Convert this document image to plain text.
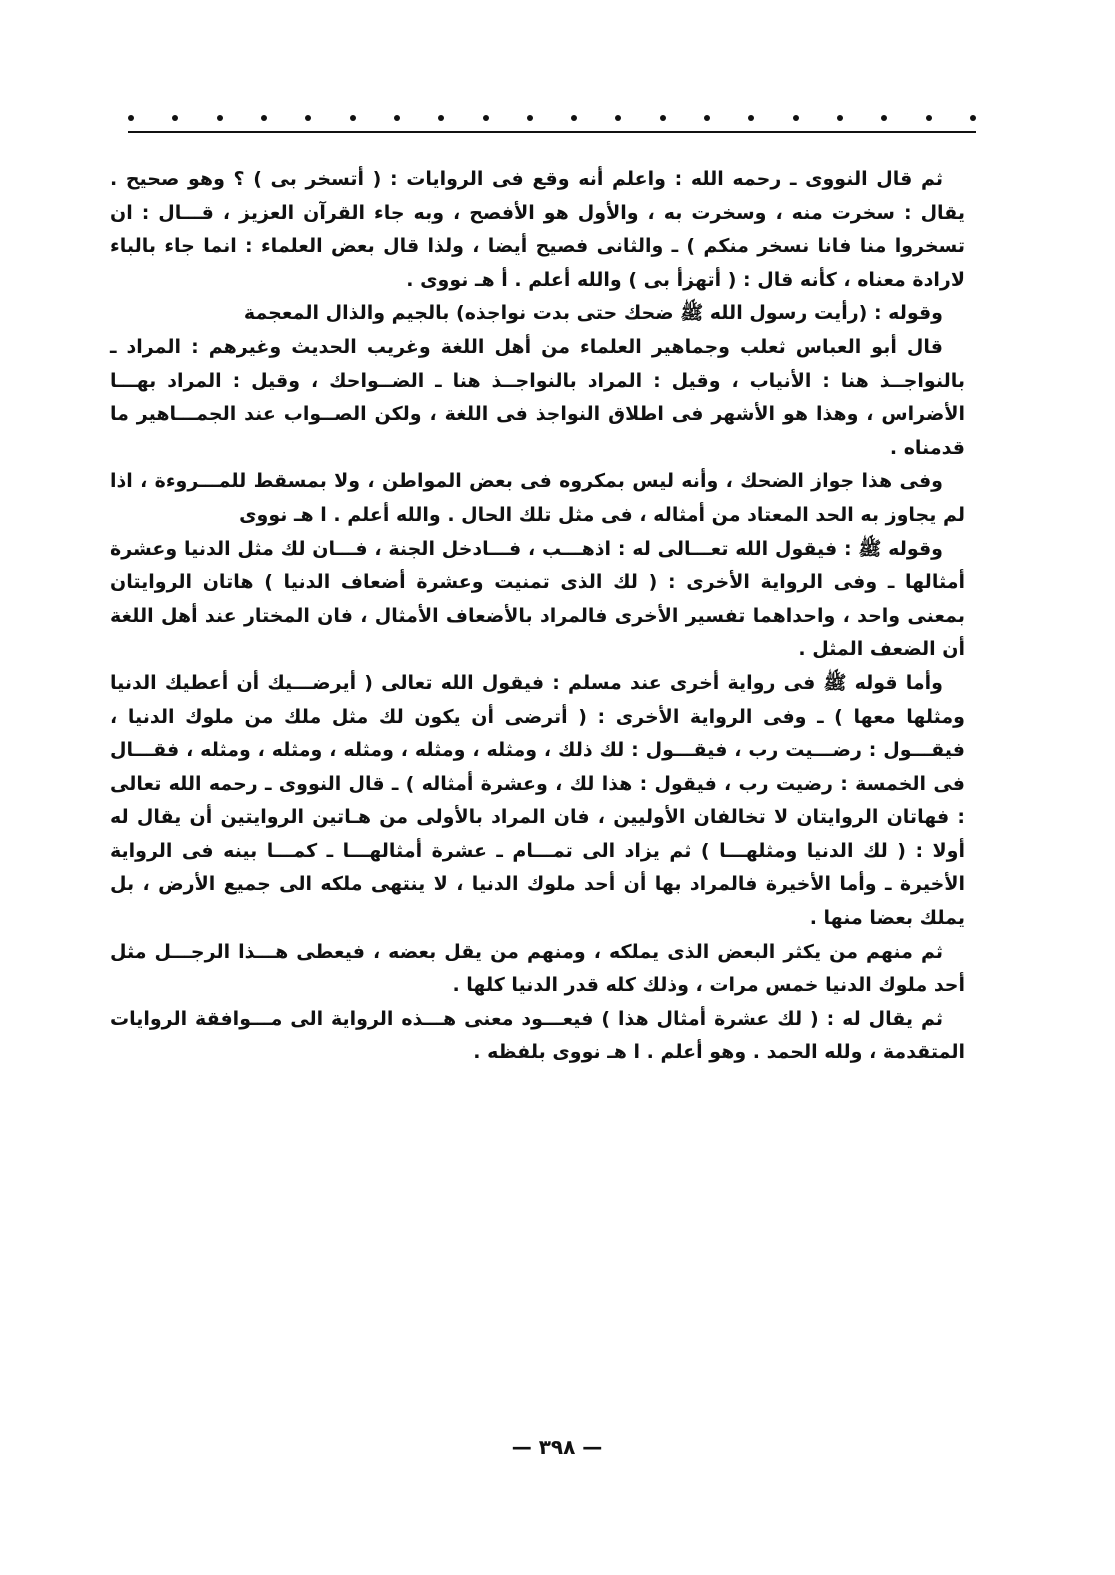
ثم قال النووى ـ رحمه الله : واعلم أنه وقع فى الروايات : ( أتسخر بى ) ؟ وهو صحيح . يقال : سخرت منه ، وسخرت به ، والأول هو الأفصح ، وبه جاء القرآن العزيز ، قـــال : ان تسخروا منا فانا نسخر منكم ) ـ والثانى فصيح أيضا ، ولذا قال بعض العلماء : انما جاء بالباء لارادة معناه ، كأنه قال : ( أتهزأ بى ) والله أعلم . أ هـ نووى .

وقوله : (رأيت رسول الله ﷺ ضحك حتى بدت نواجذه) بالجيم والذال المعجمة

قال أبو العباس ثعلب وجماهير العلماء من أهل اللغة وغريب الحديث وغيرهم : المراد ـ بالنواجــذ هنا : الأنياب ، وقيل : المراد بالنواجــذ هنا ـ الضــواحك ، وقيل : المراد بهـــا الأضراس ، وهذا هو الأشهر فى اطلاق النواجذ فى اللغة ، ولكن الصــواب عند الجمـــاهير ما قدمناه .

وفى هذا جواز الضحك ، وأنه ليس بمكروه فى بعض المواطن ، ولا بمسقط للمـــروءة ، اذا لم يجاوز به الحد المعتاد من أمثاله ، فى مثل تلك الحال . والله أعلم . ا هـ نووى

وقوله ﷺ : فيقول الله تعـــالى له : اذهـــب ، فـــادخل الجنة ، فـــان لك مثل الدنيا وعشرة أمثالها ـ وفى الرواية الأخرى : ( لك الذى تمنيت وعشرة أضعاف الدنيا ) هاتان الروايتان بمعنى واحد ، واحداهما تفسير الأخرى فالمراد بالأضعاف الأمثال ، فان المختار عند أهل اللغة أن الضعف المثل .

وأما قوله ﷺ فى رواية أخرى عند مسلم : فيقول الله تعالى ( أيرضـــيك أن أعطيك الدنيا ومثلها معها ) ـ وفى الرواية الأخرى : ( أترضى أن يكون لك مثل ملك من ملوك الدنيا ، فيقـــول : رضـــيت رب ، فيقـــول : لك ذلك ، ومثله ، ومثله ، ومثله ، ومثله ، ومثله ، فقـــال فى الخمسة : رضيت رب ، فيقول : هذا لك ، وعشرة أمثاله ) ـ قال النووى ـ رحمه الله تعالى : فهاتان الروايتان لا تخالفان الأوليين ، فان المراد بالأولى من هـاتين الروايتين أن يقال له أولا : ( لك الدنيا ومثلهـــا ) ثم يزاد الى تمـــام ـ عشرة أمثالهـــا ـ كمـــا بينه فى الرواية الأخيرة ـ وأما الأخيرة فالمراد بها أن أحد ملوك الدنيا ، لا ينتهى ملكه الى جميع الأرض ، بل يملك بعضا منها .

ثم منهم من يكثر البعض الذى يملكه ، ومنهم من يقل بعضه ، فيعطى هـــذا الرجـــل مثل أحد ملوك الدنيا خمس مرات ، وذلك كله قدر الدنيا كلها .

ثم يقال له : ( لك عشرة أمثال هذا ) فيعـــود معنى هـــذه الرواية الى مـــوافقة الروايات المتقدمة ، ولله الحمد . وهو أعلم . ا هـ نووى بلفظه .

— ٣٩٨ —
